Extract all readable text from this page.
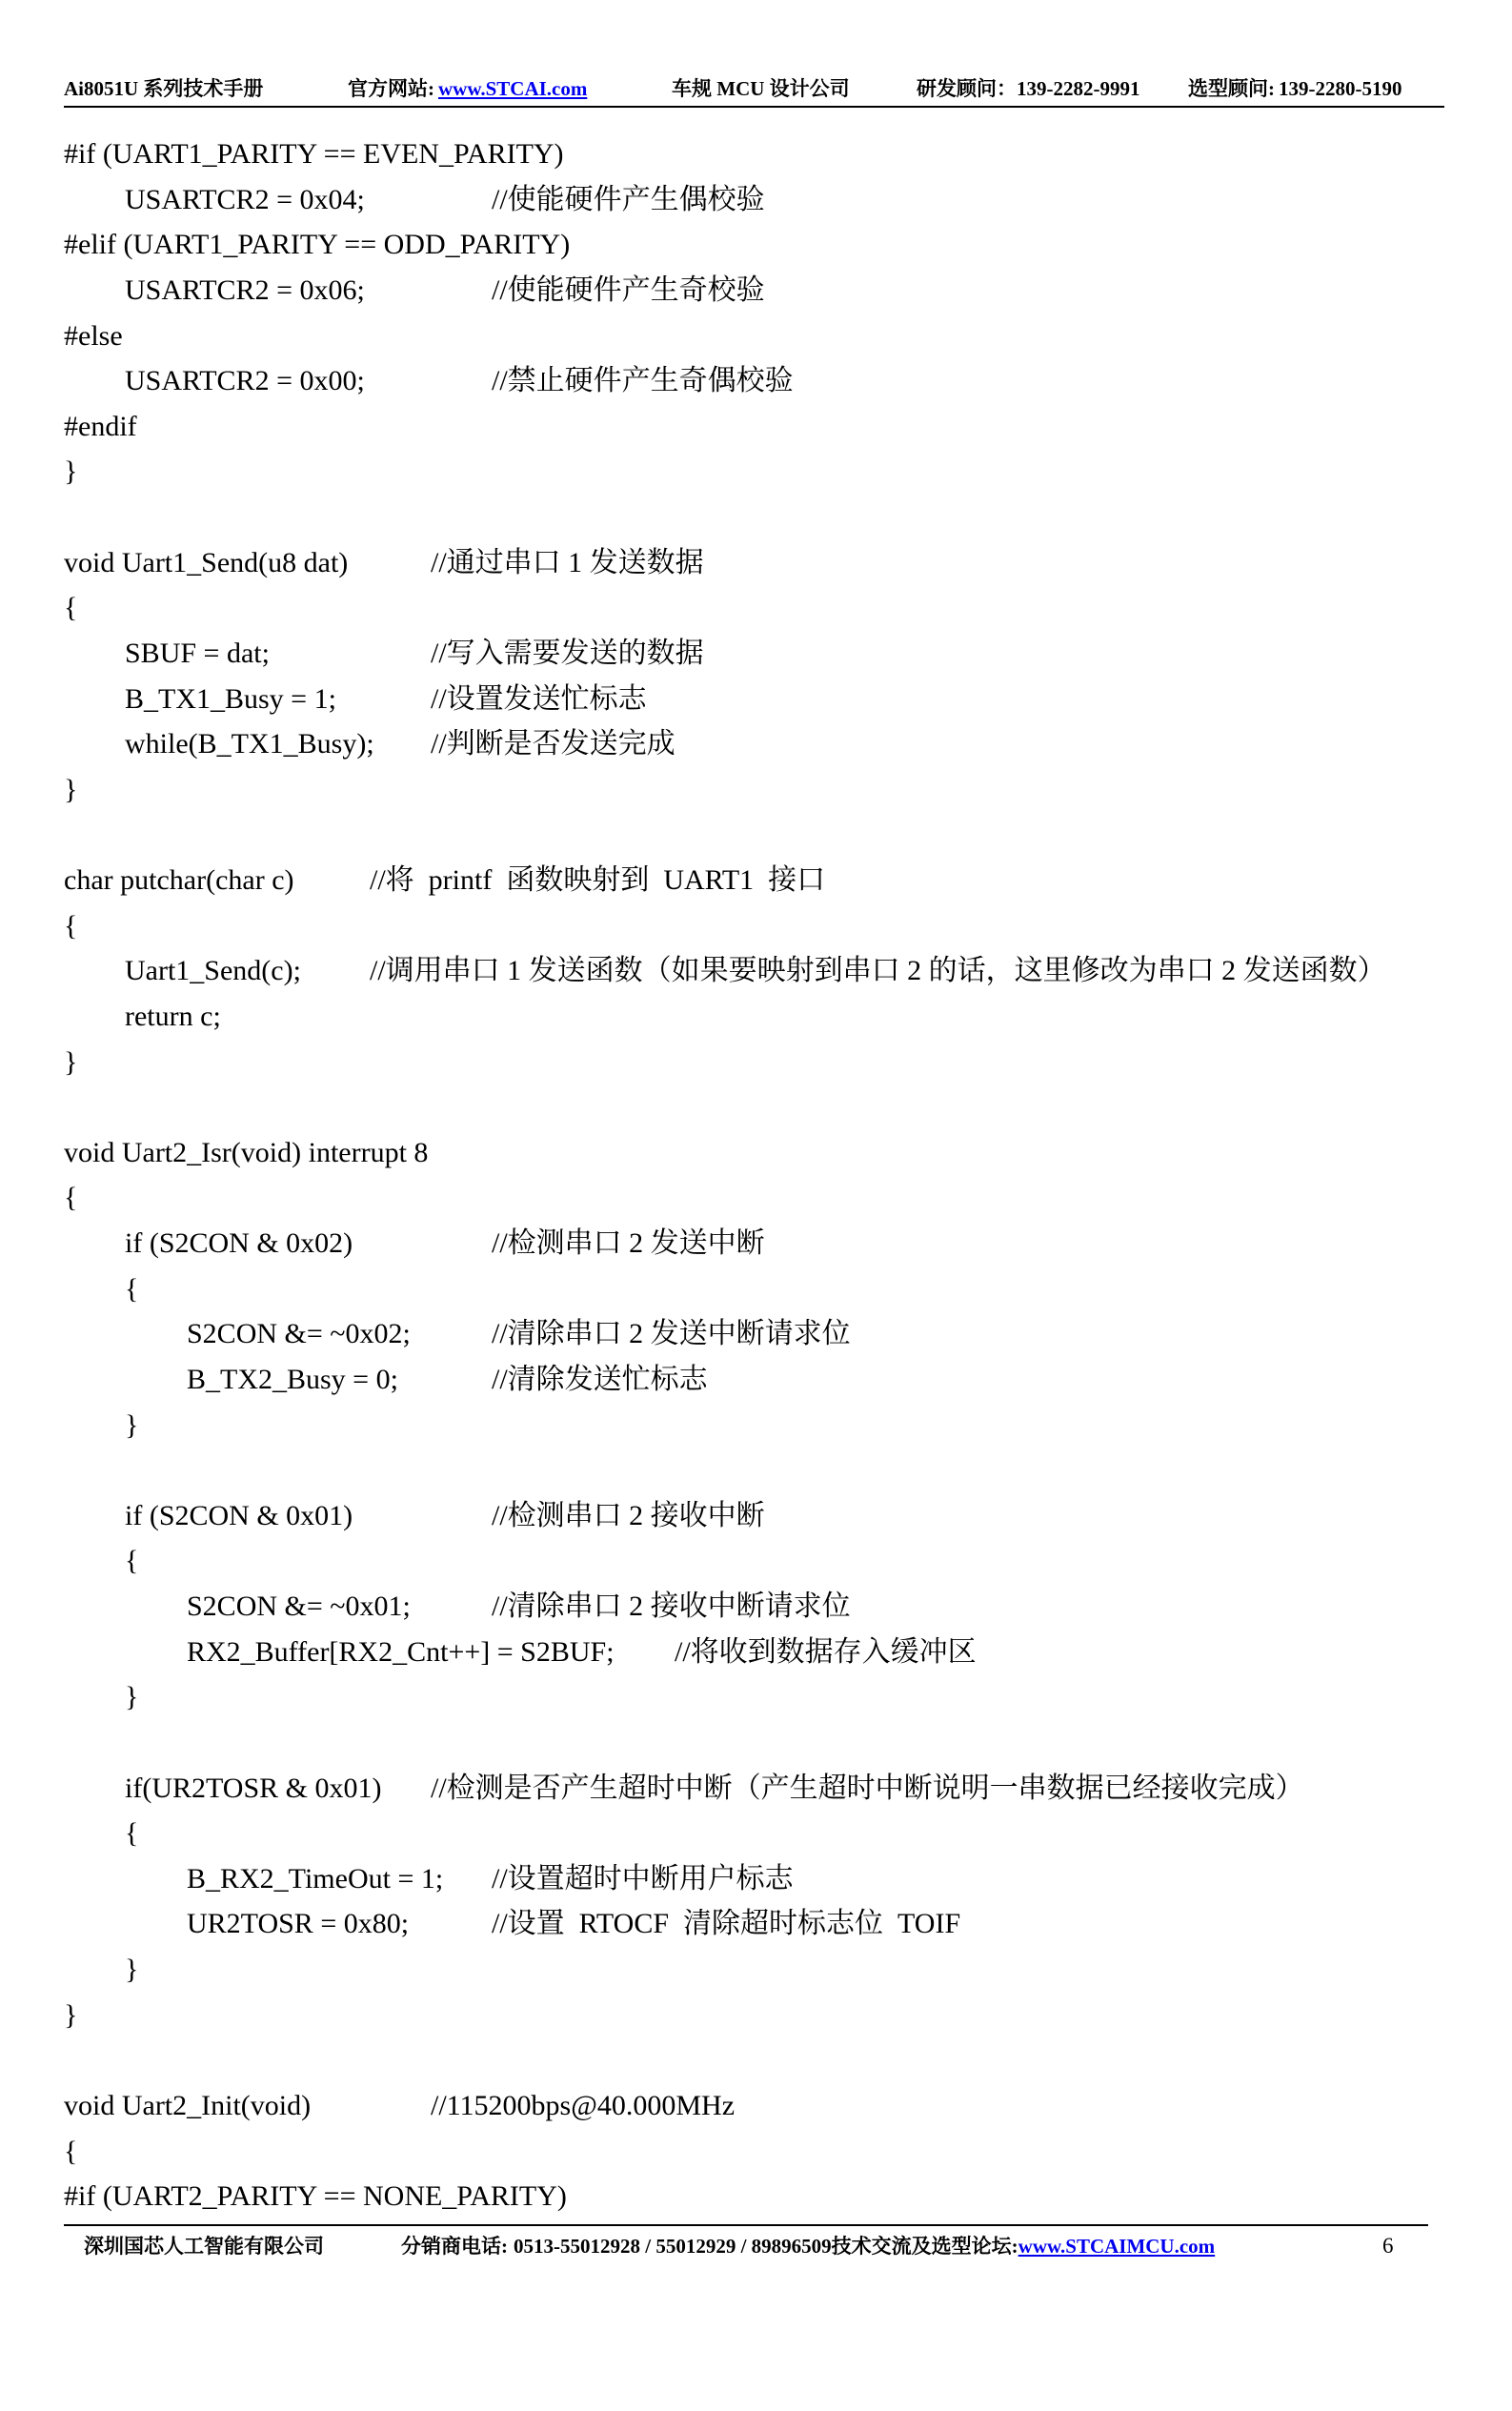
Ai8051U 系列技术手册	官方网站: www.STCAI.com	车规 MCU 设计公司	研发顾问：139-2282-9991 选型顾问: 139-2280-5190
#if (UART1_PARITY == EVEN_PARITY)
USARTCR2 = 0x04;	//使能硬件产生偶校验
#elif (UART1_PARITY == ODD_PARITY)
USARTCR2 = 0x06;	//使能硬件产生奇校验
#else
USARTCR2 = 0x00;	//禁止硬件产生奇偶校验
#endif
}
void Uart1_Send(u8 dat)	//通过串口 1 发送数据
{
SBUF = dat;	//写入需要发送的数据
B_TX1_Busy = 1;	//设置发送忙标志
while(B_TX1_Busy); //判断是否发送完成
}
char putchar(char c)	//将  printf  函数映射到  UART1  接口
{
Uart1_Send(c); //调用串口 1 发送函数（如果要映射到串口 2 的话，这里修改为串口 2 发送函数）
return c;
}
void Uart2_Isr(void) interrupt 8
{
if (S2CON & 0x02)	//检测串口 2 发送中断
{
S2CON &= ~0x02;	//清除串口 2 发送中断请求位
B_TX2_Busy = 0;	//清除发送忙标志
}
if (S2CON & 0x01)	//检测串口 2 接收中断
{
S2CON &= ~0x01;	//清除串口 2 接收中断请求位
RX2_Buffer[RX2_Cnt++] = S2BUF; //将收到数据存入缓冲区
}
if(UR2TOSR & 0x01) //检测是否产生超时中断（产生超时中断说明一串数据已经接收完成）
{
B_RX2_TimeOut = 1; //设置超时中断用户标志
UR2TOSR = 0x80;	//设置  RTOCF  清除超时标志位  TOIF
}
}
void Uart2_Init(void)	//115200bps@40.000MHz
{
#if (UART2_PARITY == NONE_PARITY)
深圳国芯人工智能有限公司	分销商电话: 0513-55012928 / 55012929 / 89896509技术交流及选型论坛:www.STCAIMCU.com	6
